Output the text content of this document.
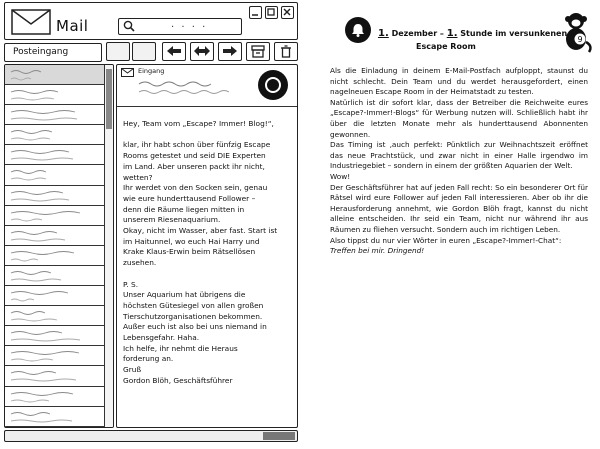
Mail	. . . .
Posteingang
Eingang

Hey, Team vom „Escape? Immer! Blog!“,

klar, ihr habt schon über fünfzig Escape
Rooms getestet und seid DIE Experten
im Land. Aber unseren packt ihr nicht,
wetten?
Ihr werdet von den Socken sein, genau
wie eure hunderttausend Follower –
denn die Räume liegen mitten in
unserem Riesenaquarium.
Okay, nicht im Wasser, aber fast. Start ist
im Haitunnel, wo euch Hai Harry und
Krake Klaus-Erwin beim Rätsellösen
zusehen.

P. S.
Unser Aquarium hat übrigens die
höchsten Gütesiegel von allen großen
Tierschutzorganisationen bekommen.
Außer euch ist also bei uns niemand in
Lebensgefahr. Haha.
Ich helfe, ihr nehmt die Heraus
forderung an.
Gruß
Gordon Blöh, Geschäftsführer

1. Dezember – 1. Stunde im versunkenen
Escape Room
9

Als die Einladung in deinem E-Mail-Postfach aufploppt, staunst du nicht schlecht. Dein Team und du werdet herausgefordert, einen nagelneuen Escape Room in der Heimatstadt zu testen.

Natürlich ist dir sofort klar, dass der Betreiber die Reichweite eures „Escape?-Immer!-Blogs“ für Werbung nutzen will. Schließlich habt ihr über die letzten Monate mehr als hunderttausend Abonnenten gewonnen.

Das Timing ist ‚auch perfekt: Pünktlich zur Weihnachtszeit eröffnet das neue Prachtstück, und zwar nicht in einer Halle irgendwo im Industriegebiet – sondern in einem der größten Aquarien der Welt.

Wow!

Der Geschäftsführer hat auf jeden Fall recht: So ein besonderer Ort für Rätsel wird eure Follower auf jeden Fall interessieren. Aber ob ihr die Herausforderung annehmt, wie Gordon Blöh fragt, kannst du nicht alleine entscheiden. Ihr seid ein Team, nicht nur während ihr aus Räumen zu fliehen versucht. Sondern auch im richtigen Leben.

Also tippst du nur vier Wörter in euren „Escape?-Immer!-Chat“:

Treffen bei mir. Dringend!
